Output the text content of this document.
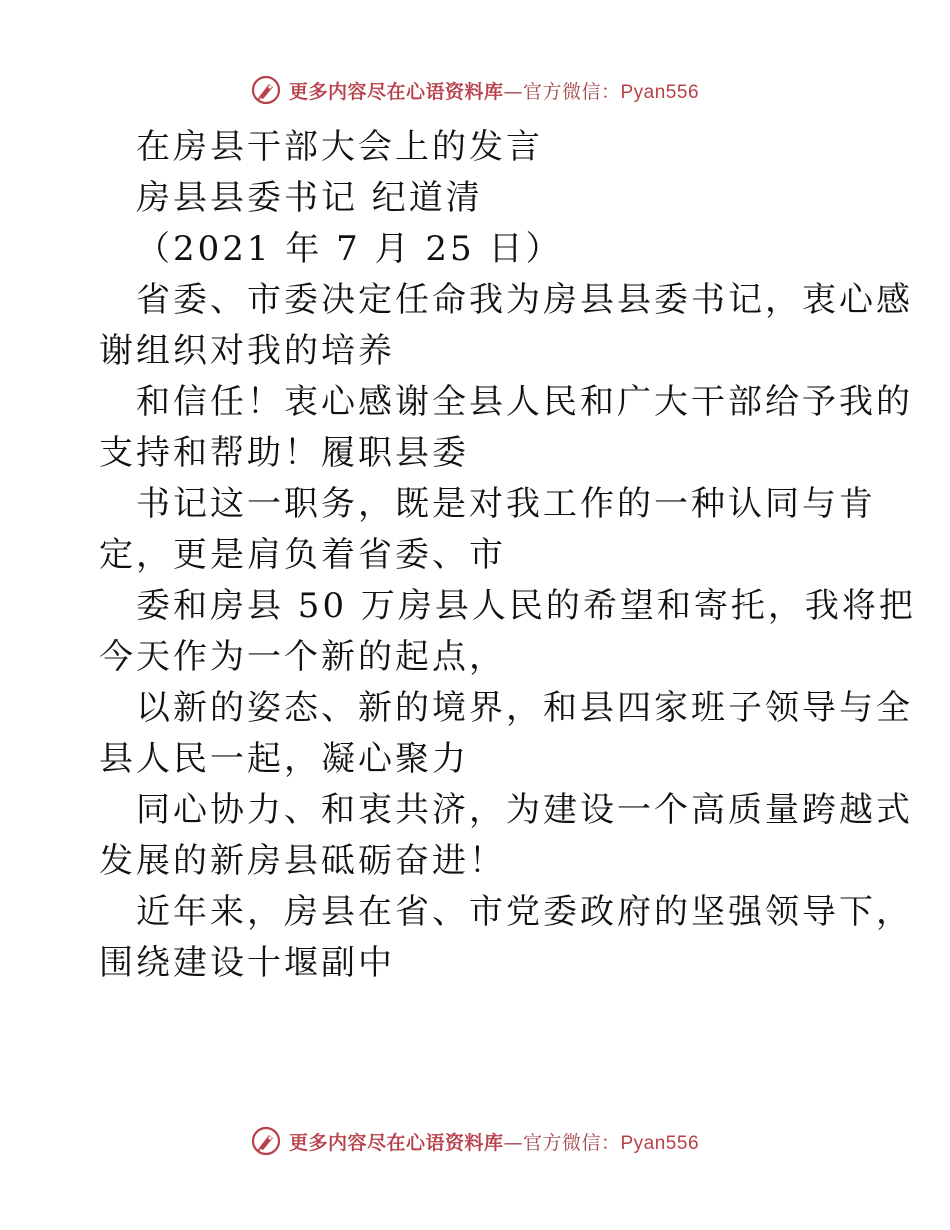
更多内容尽在心语资料库—官方微信：Pyan556
在房县干部大会上的发言
房县县委书记 纪道清
（2021 年 7 月 25 日）
省委、市委决定任命我为房县县委书记，衷心感
谢组织对我的培养
和信任！衷心感谢全县人民和广大干部给予我的
支持和帮助！履职县委
书记这一职务，既是对我工作的一种认同与肯
定，更是肩负着省委、市
委和房县 50 万房县人民的希望和寄托，我将把
今天作为一个新的起点，
以新的姿态、新的境界，和县四家班子领导与全
县人民一起，凝心聚力
同心协力、和衷共济，为建设一个高质量跨越式
发展的新房县砥砺奋进！
近年来，房县在省、市党委政府的坚强领导下，
围绕建设十堰副中
更多内容尽在心语资料库—官方微信：Pyan556
